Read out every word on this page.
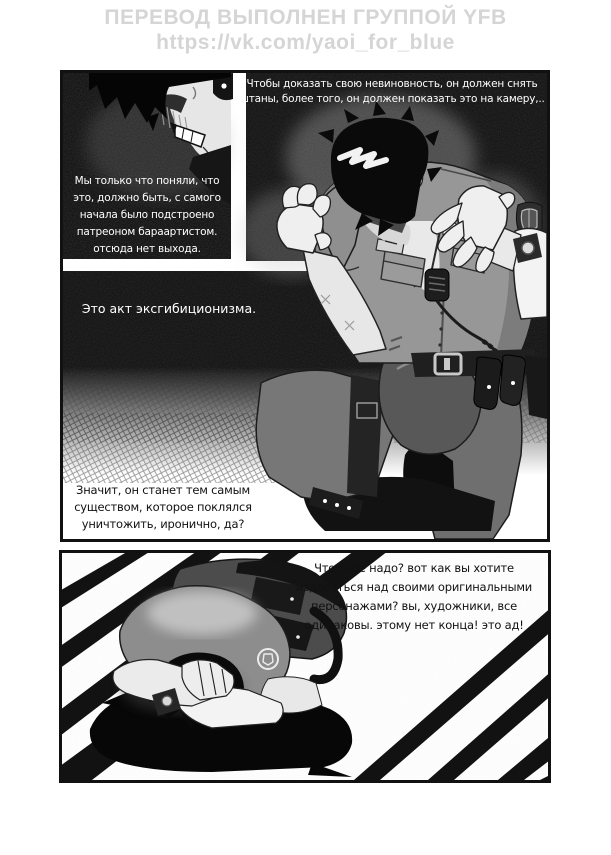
ПЕРЕВОД ВЫПОЛНЕН ГРУППОЙ YFB
https://vk.com/yaoi_for_blue
Чтобы доказать свою невиновность, он должен снять
штаны, более того, он должен показать это на камеру,..
Мы только что поняли, что
это, должно быть, с самого
начала было подстроено
патреоном бараартистом.
отсюда нет выхода.
Это акт эксгибиционизма.
Значит, он станет тем самым
существом, которое поклялся
уничтожить, иронично, да?
Что тебе надо? вот как вы хотите
издеваться над своими оригинальными
персонажами? вы, художники, все
одинаковы. этому нет конца! это ад!
